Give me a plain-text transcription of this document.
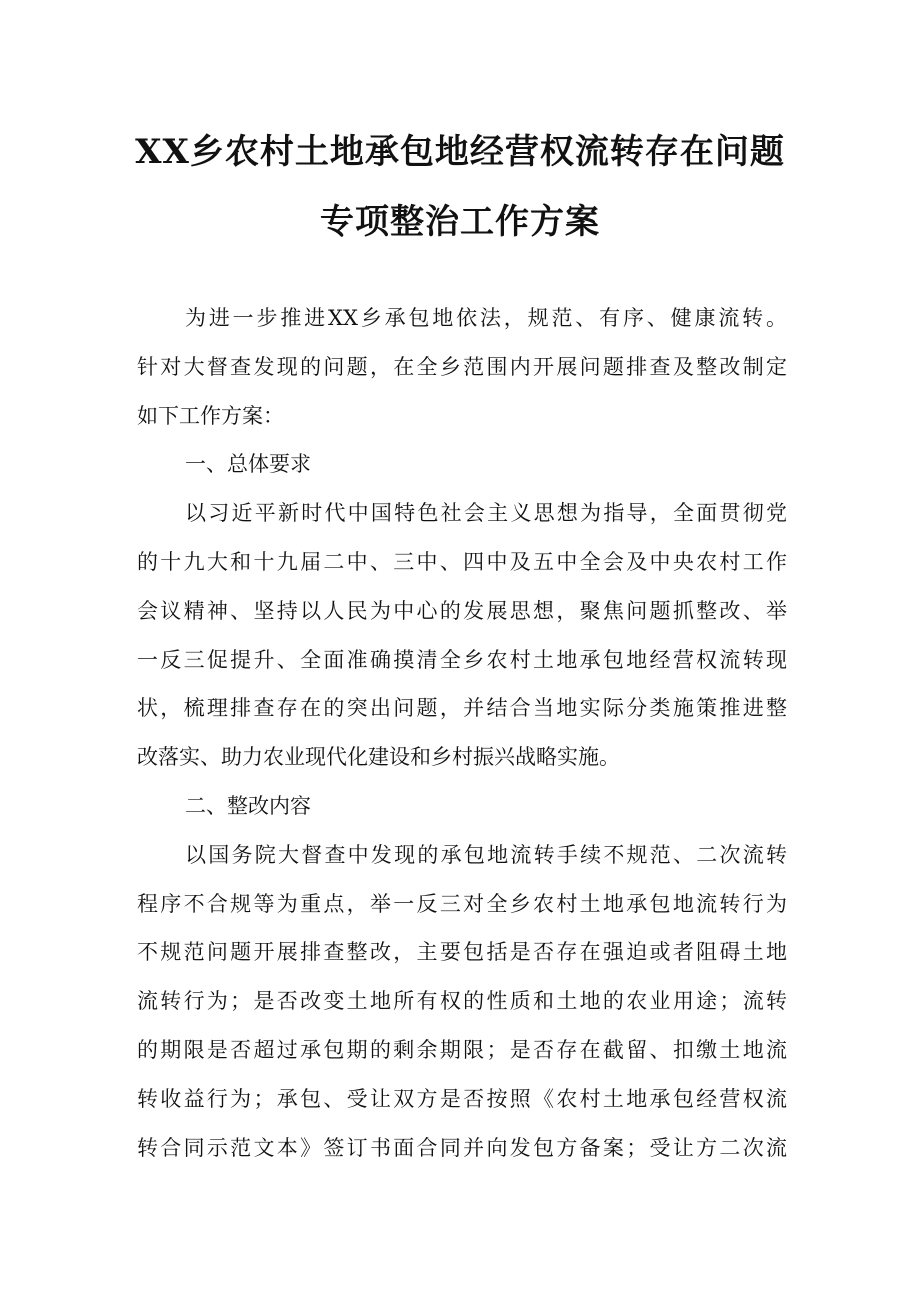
XX乡农村土地承包地经营权流转存在问题
专项整治工作方案
为进一步推进XX乡承包地依法，规范、有序、健康流转。
针对大督查发现的问题，在全乡范围内开展问题排查及整改制定
如下工作方案：
一、总体要求
以习近平新时代中国特色社会主义思想为指导，全面贯彻党
的十九大和十九届二中、三中、四中及五中全会及中央农村工作
会议精神、坚持以人民为中心的发展思想，聚焦问题抓整改、举
一反三促提升、全面准确摸清全乡农村土地承包地经营权流转现
状，梳理排查存在的突出问题，并结合当地实际分类施策推进整
改落实、助力农业现代化建设和乡村振兴战略实施。
二、整改内容
以国务院大督查中发现的承包地流转手续不规范、二次流转
程序不合规等为重点，举一反三对全乡农村土地承包地流转行为
不规范问题开展排查整改，主要包括是否存在强迫或者阻碍土地
流转行为；是否改变土地所有权的性质和土地的农业用途；流转
的期限是否超过承包期的剩余期限；是否存在截留、扣缴土地流
转收益行为；承包、受让双方是否按照《农村土地承包经营权流
转合同示范文本》签订书面合同并向发包方备案；受让方二次流
